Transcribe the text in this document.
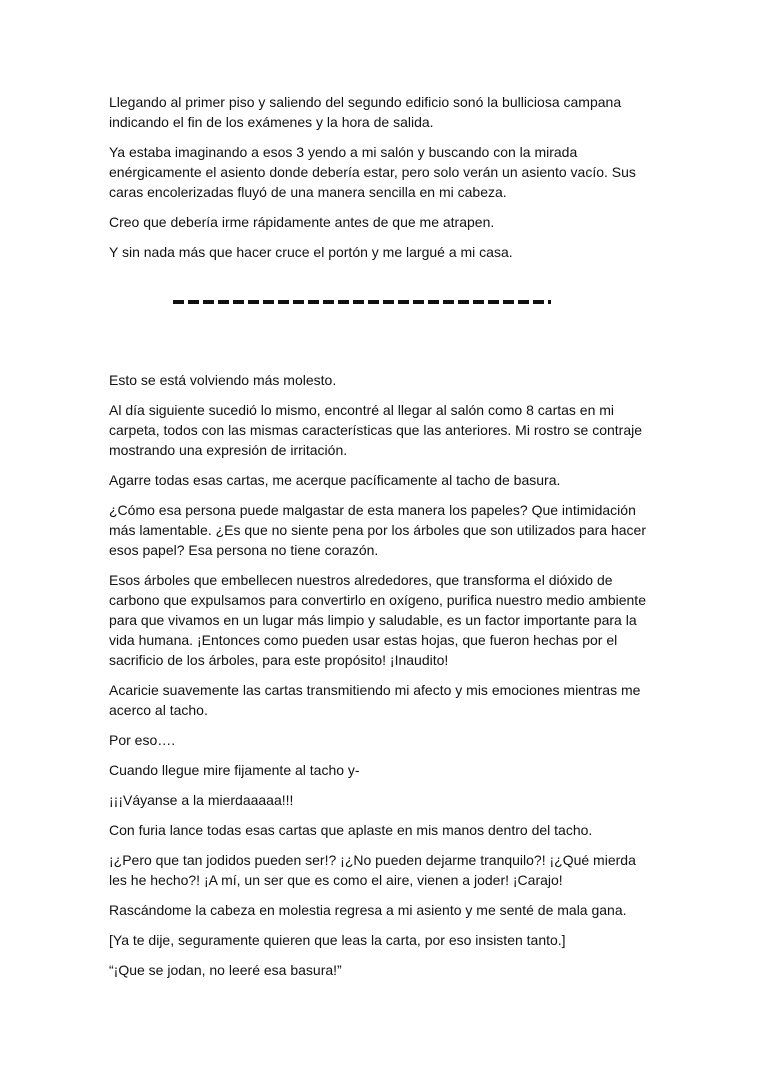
Llegando al primer piso y saliendo del segundo edificio sonó la bulliciosa campana indicando el fin de los exámenes y la hora de salida.

Ya estaba imaginando a esos 3 yendo a mi salón y buscando con la mirada enérgicamente el asiento donde debería estar, pero solo verán un asiento vacío. Sus caras encolerizadas fluyó de una manera sencilla en mi cabeza.

Creo que debería irme rápidamente antes de que me atrapen.

Y sin nada más que hacer cruce el portón y me largué a mi casa.

Esto se está volviendo más molesto.

Al día siguiente sucedió lo mismo, encontré al llegar al salón como 8 cartas en mi carpeta, todos con las mismas características que las anteriores. Mi rostro se contraje mostrando una expresión de irritación.

Agarre todas esas cartas, me acerque pacíficamente al tacho de basura.

¿Cómo esa persona puede malgastar de esta manera los papeles? Que intimidación más lamentable. ¿Es que no siente pena por los árboles que son utilizados para hacer esos papel? Esa persona no tiene corazón.

Esos árboles que embellecen nuestros alrededores, que transforma el dióxido de carbono que expulsamos para convertirlo en oxígeno, purifica nuestro medio ambiente para que vivamos en un lugar más limpio y saludable, es un factor importante para la vida humana. ¡Entonces como pueden usar estas hojas, que fueron hechas por el sacrificio de los árboles, para este propósito! ¡Inaudito!

Acaricie suavemente las cartas transmitiendo mi afecto y mis emociones mientras me acerco al tacho.

Por eso….

Cuando llegue mire fijamente al tacho y-

¡¡¡Váyanse a la mierdaaaaa!!!

Con furia lance todas esas cartas que aplaste en mis manos dentro del tacho.

¡¿Pero que tan jodidos pueden ser!? ¡¿No pueden dejarme tranquilo?! ¡¿Qué mierda les he hecho?! ¡A mí, un ser que es como el aire, vienen a joder! ¡Carajo!

Rascándome la cabeza en molestia regresa a mi asiento y me senté de mala gana.

[Ya te dije, seguramente quieren que leas la carta, por eso insisten tanto.]

“¡Que se jodan, no leeré esa basura!”
